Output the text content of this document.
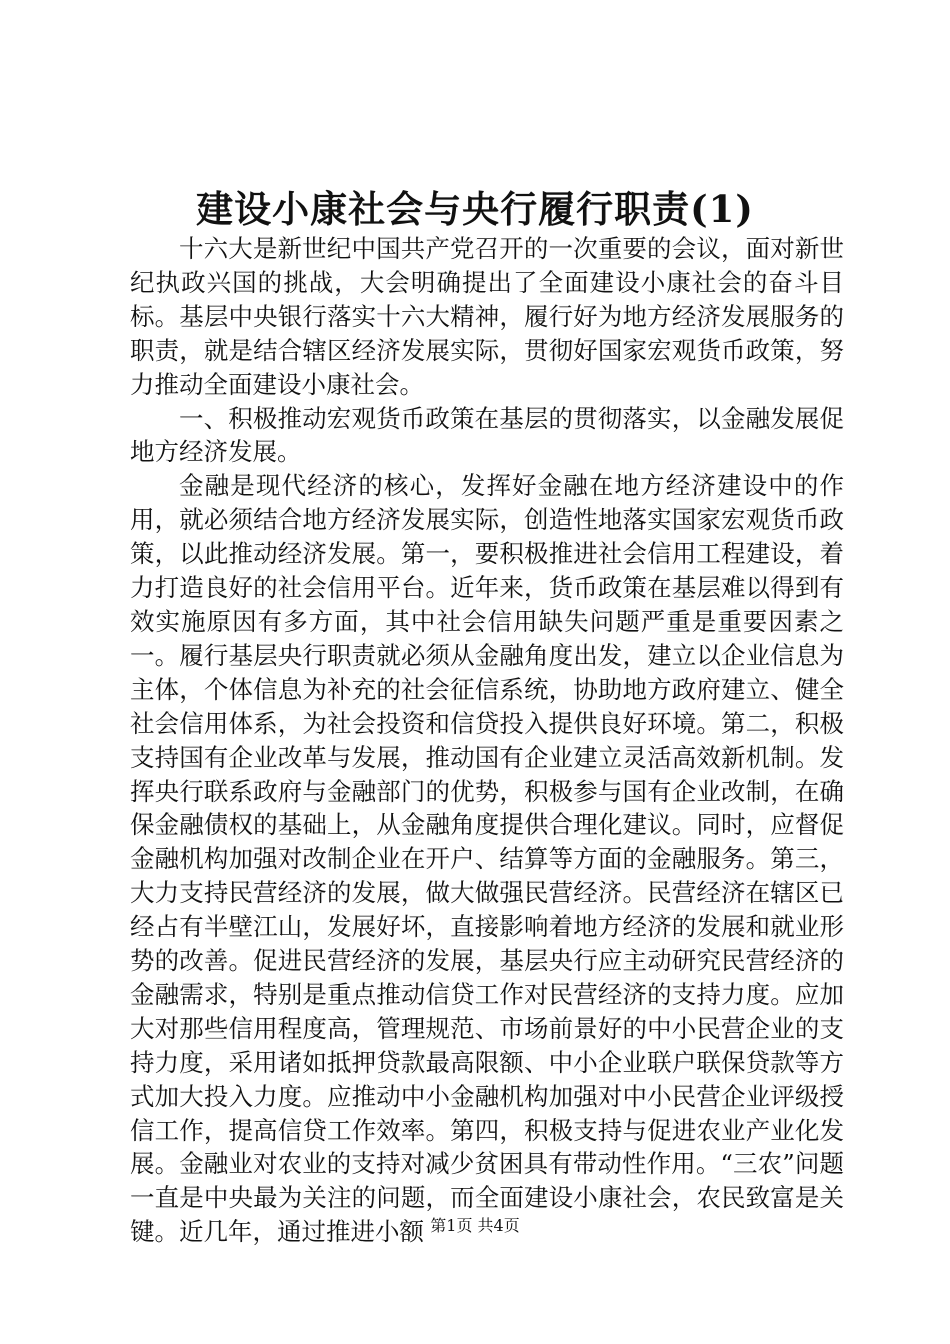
建设小康社会与央行履行职责(1)

十六大是新世纪中国共产党召开的一次重要的会议，面对新世纪执政兴国的挑战，大会明确提出了全面建设小康社会的奋斗目标。基层中央银行落实十六大精神，履行好为地方经济发展服务的职责，就是结合辖区经济发展实际，贯彻好国家宏观货币政策，努力推动全面建设小康社会。

一、积极推动宏观货币政策在基层的贯彻落实，以金融发展促地方经济发展。

金融是现代经济的核心，发挥好金融在地方经济建设中的作用，就必须结合地方经济发展实际，创造性地落实国家宏观货币政策，以此推动经济发展。第一，要积极推进社会信用工程建设，着力打造良好的社会信用平台。近年来，货币政策在基层难以得到有效实施原因有多方面，其中社会信用缺失问题严重是重要因素之一。履行基层央行职责就必须从金融角度出发，建立以企业信息为主体，个体信息为补充的社会征信系统，协助地方政府建立、健全社会信用体系，为社会投资和信贷投入提供良好环境。第二，积极支持国有企业改革与发展，推动国有企业建立灵活高效新机制。发挥央行联系政府与金融部门的优势，积极参与国有企业改制，在确保金融债权的基础上，从金融角度提供合理化建议。同时，应督促金融机构加强对改制企业在开户、结算等方面的金融服务。第三，大力支持民营经济的发展，做大做强民营经济。民营经济在辖区已经占有半壁江山，发展好坏，直接影响着地方经济的发展和就业形势的改善。促进民营经济的发展，基层央行应主动研究民营经济的金融需求，特别是重点推动信贷工作对民营经济的支持力度。应加大对那些信用程度高，管理规范、市场前景好的中小民营企业的支持力度，采用诸如抵押贷款最高限额、中小企业联户联保贷款等方式加大投入力度。应推动中小金融机构加强对中小民营企业评级授信工作，提高信贷工作效率。第四，积极支持与促进农业产业化发展。金融业对农业的支持对减少贫困具有带动性作用。“三农”问题一直是中央最为关注的问题，而全面建设小康社会，农民致富是关键。近几年，通过推进小额 第1页 共4页
